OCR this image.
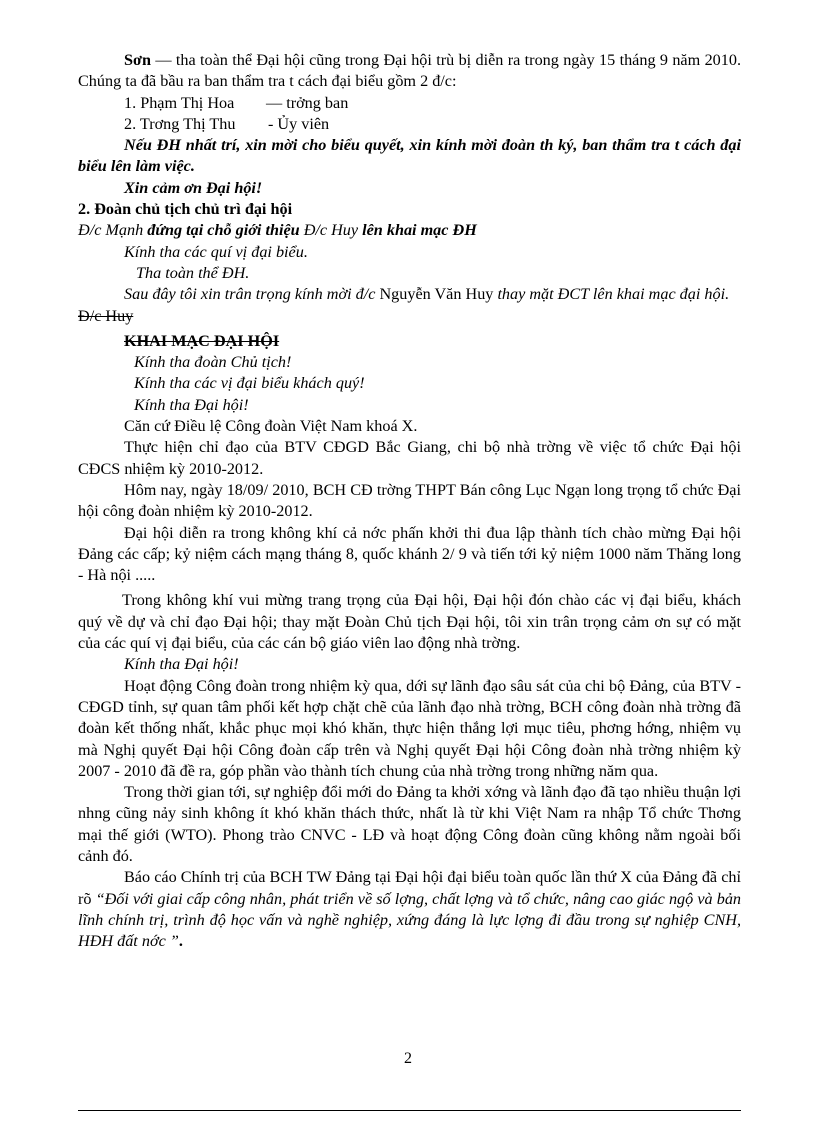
Sơn — tha toàn thể Đại hội cũng trong Đại hội trù bị diễn ra trong ngày 15 tháng 9 năm 2010. Chúng ta đã bầu ra ban thẩm tra t cách đại biểu gồm 2 đ/c:

1. Phạm Thị Hoa — trởng ban

2. Trơng Thị Thu - Ủy viên

Nếu ĐH nhất trí, xin mời cho biểu quyết, xin kính mời đoàn th ký, ban thẩm tra t cách đại biểu lên làm việc.

Xin cảm ơn Đại hội!

2. Đoàn chủ tịch chủ trì đại hội

Đ/c Mạnh đứng tại chỗ giới thiệu Đ/c Huy lên khai mạc ĐH

Kính tha các quí vị đại biểu.

Tha toàn thể ĐH.

Sau đây tôi xin trân trọng kính mời đ/c Nguyễn Văn Huy thay mặt ĐCT lên khai mạc đại hội.

Đ/c Huy

KHAI MẠC ĐẠI HỘI

Kính tha đoàn Chủ tịch!

Kính tha các vị đại biểu khách quý!

Kính tha Đại hội!

Căn cứ Điều lệ Công đoàn Việt Nam khoá X.

Thực hiện chỉ đạo của BTV CĐGD Bắc Giang, chi bộ nhà trờng về việc tổ chức Đại hội CĐCS nhiệm kỳ 2010-2012.

Hôm nay, ngày 18/09/ 2010, BCH CĐ trờng THPT Bán công Lục Ngạn long trọng tổ chức Đại hội công đoàn nhiệm kỳ 2010-2012.

Đại hội diễn ra trong không khí cả nớc phấn khởi thi đua lập thành tích chào mừng Đại hội Đảng các cấp; kỷ niệm cách mạng tháng 8, quốc khánh 2/ 9 và tiến tới kỷ niệm 1000 năm Thăng long - Hà nội .....

Trong không khí vui mừng trang trọng của Đại hội, Đại hội đón chào các vị đại biểu, khách quý về dự và chỉ đạo Đại hội; thay mặt Đoàn Chủ tịch Đại hội, tôi xin trân trọng cảm ơn sự có mặt của các quí vị đại biểu, của các cán bộ giáo viên lao động nhà trờng.

Kính tha Đại hội!

Hoạt động Công đoàn trong nhiệm kỳ qua, dới sự lãnh đạo sâu sát của chi bộ Đảng, của BTV - CĐGD tỉnh, sự quan tâm phối kết hợp chặt chẽ của lãnh đạo nhà trờng, BCH công đoàn nhà trờng đã đoàn kết thống nhất, khắc phục mọi khó khăn, thực hiện thắng lợi mục tiêu, phơng hớng, nhiệm vụ mà Nghị quyết Đại hội Công đoàn cấp trên và Nghị quyết Đại hội Công đoàn nhà trờng nhiệm kỳ 2007 - 2010 đã đề ra, góp phần vào thành tích chung của nhà trờng trong những năm qua.

Trong thời gian tới, sự nghiệp đổi mới do Đảng ta khởi xớng và lãnh đạo đã tạo nhiều thuận lợi nhng cũng nảy sinh không ít khó khăn thách thức, nhất là từ khi Việt Nam ra nhập Tổ chức Thơng mại thế giới (WTO). Phong trào CNVC - LĐ và hoạt động Công đoàn cũng không nằm ngoài bối cảnh đó.

Báo cáo Chính trị của BCH TW Đảng tại Đại hội đại biểu toàn quốc lần thứ X của Đảng đã chỉ rõ “Đối với giai cấp công nhân, phát triển về số lợng, chất lợng và tổ chức, nâng cao giác ngộ và bản lĩnh chính trị, trình độ học vấn và nghề nghiệp, xứng đáng là lực lợng đi đầu trong sự nghiệp CNH, HĐH đất nớc ”.

2
